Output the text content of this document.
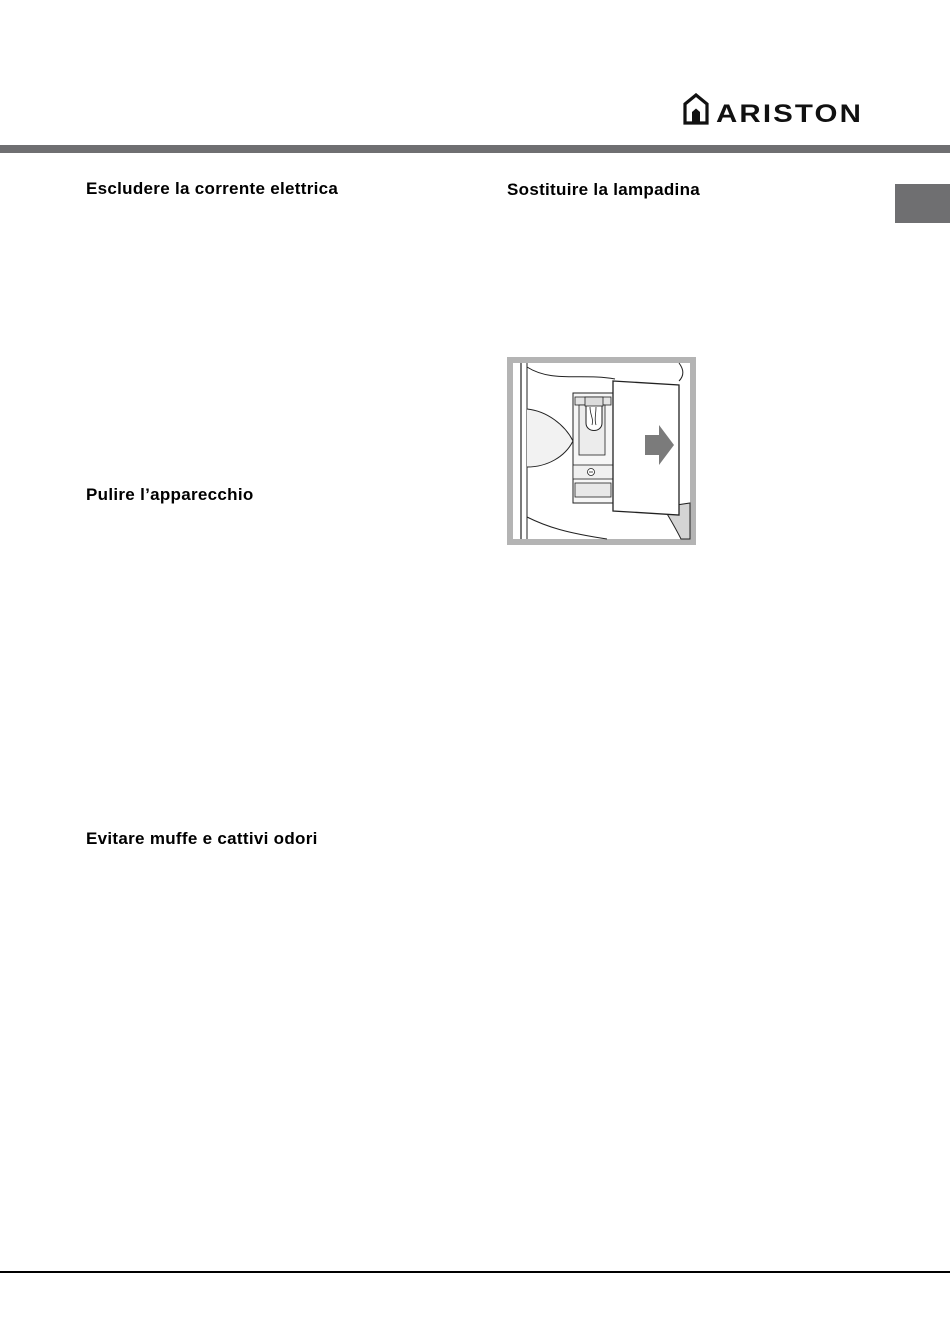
ARISTON
Escludere la corrente elettrica
Pulire l’apparecchio
Evitare muffe e cattivi odori
Sostituire la lampadina
